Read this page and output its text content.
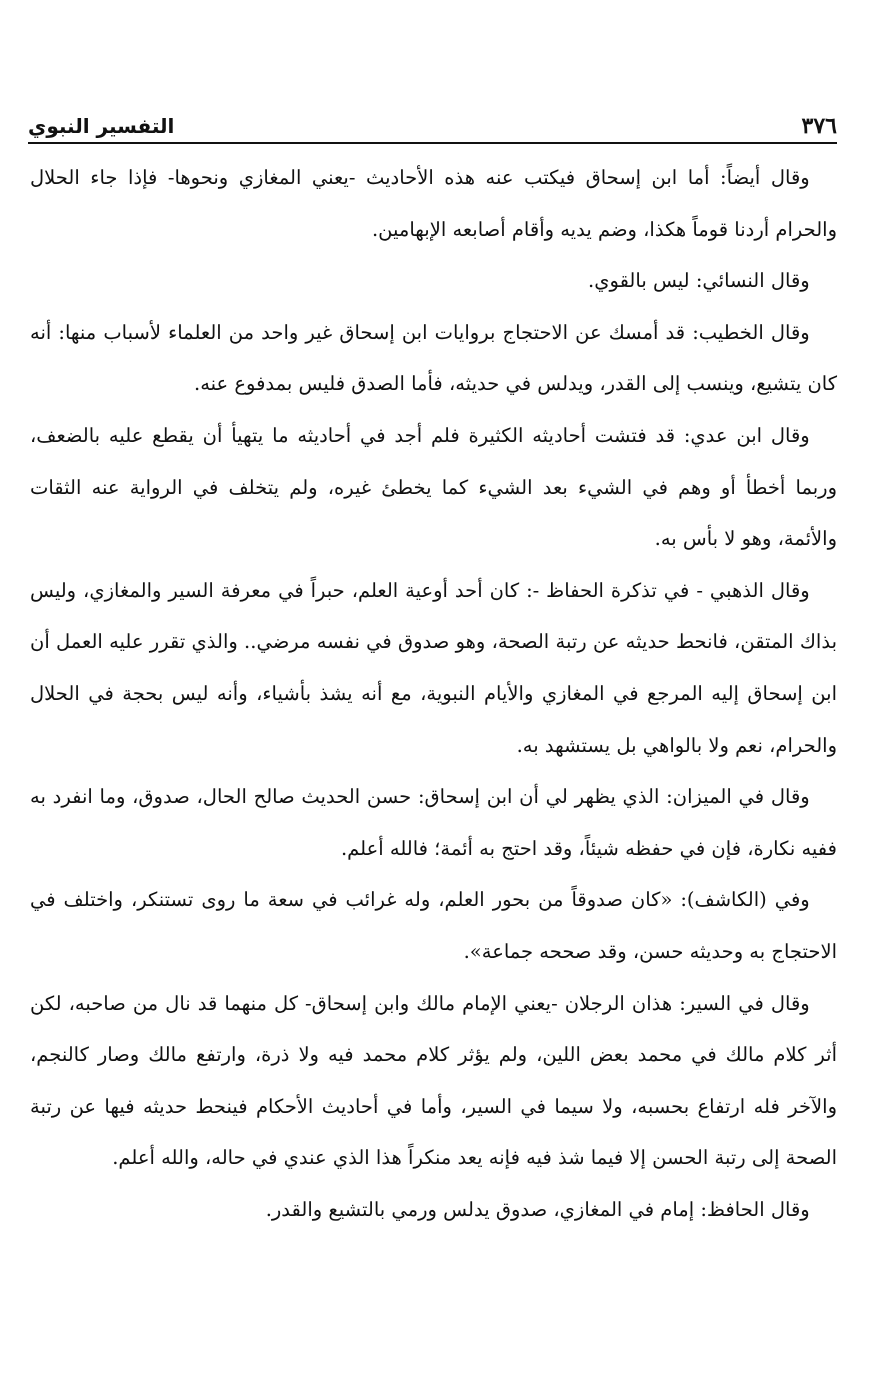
٣٧٦
التفسير النبوي

وقال أيضاً: أما ابن إسحاق فيكتب عنه هذه الأحاديث -يعني المغازي ونحوها- فإذا جاء الحلال والحرام أردنا قوماً هكذا، وضم يديه وأقام أصابعه الإبهامين.

وقال النسائي: ليس بالقوي.

وقال الخطيب: قد أمسك عن الاحتجاج بروايات ابن إسحاق غير واحد من العلماء لأسباب منها: أنه كان يتشيع، وينسب إلى القدر، ويدلس في حديثه، فأما الصدق فليس بمدفوع عنه.

وقال ابن عدي: قد فتشت أحاديثه الكثيرة فلم أجد في أحاديثه ما يتهيأ أن يقطع عليه بالضعف، وربما أخطأ أو وهم في الشيء بعد الشيء كما يخطئ غيره، ولم يتخلف في الرواية عنه الثقات والأئمة، وهو لا بأس به.

وقال الذهبي - في تذكرة الحفاظ -: كان أحد أوعية العلم، حبراً في معرفة السير والمغازي، وليس بذاك المتقن، فانحط حديثه عن رتبة الصحة، وهو صدوق في نفسه مرضي.. والذي تقرر عليه العمل أن ابن إسحاق إليه المرجع في المغازي والأيام النبوية، مع أنه يشذ بأشياء، وأنه ليس بحجة في الحلال والحرام، نعم ولا بالواهي بل يستشهد به.

وقال في الميزان: الذي يظهر لي أن ابن إسحاق: حسن الحديث صالح الحال، صدوق، وما انفرد به ففيه نكارة، فإن في حفظه شيئاً، وقد احتج به أئمة؛ فالله أعلم.

وفي (الكاشف): «كان صدوقاً من بحور العلم، وله غرائب في سعة ما روى تستنكر، واختلف في الاحتجاج به وحديثه حسن، وقد صححه جماعة».

وقال في السير: هذان الرجلان -يعني الإمام مالك وابن إسحاق- كل منهما قد نال من صاحبه، لكن أثر كلام مالك في محمد بعض اللين، ولم يؤثر كلام محمد فيه ولا ذرة، وارتفع مالك وصار كالنجم، والآخر فله ارتفاع بحسبه، ولا سيما في السير، وأما في أحاديث الأحكام فينحط حديثه فيها عن رتبة الصحة إلى رتبة الحسن إلا فيما شذ فيه فإنه يعد منكراً هذا الذي عندي في حاله، والله أعلم.

وقال الحافظ: إمام في المغازي، صدوق يدلس ورمي بالتشيع والقدر.
